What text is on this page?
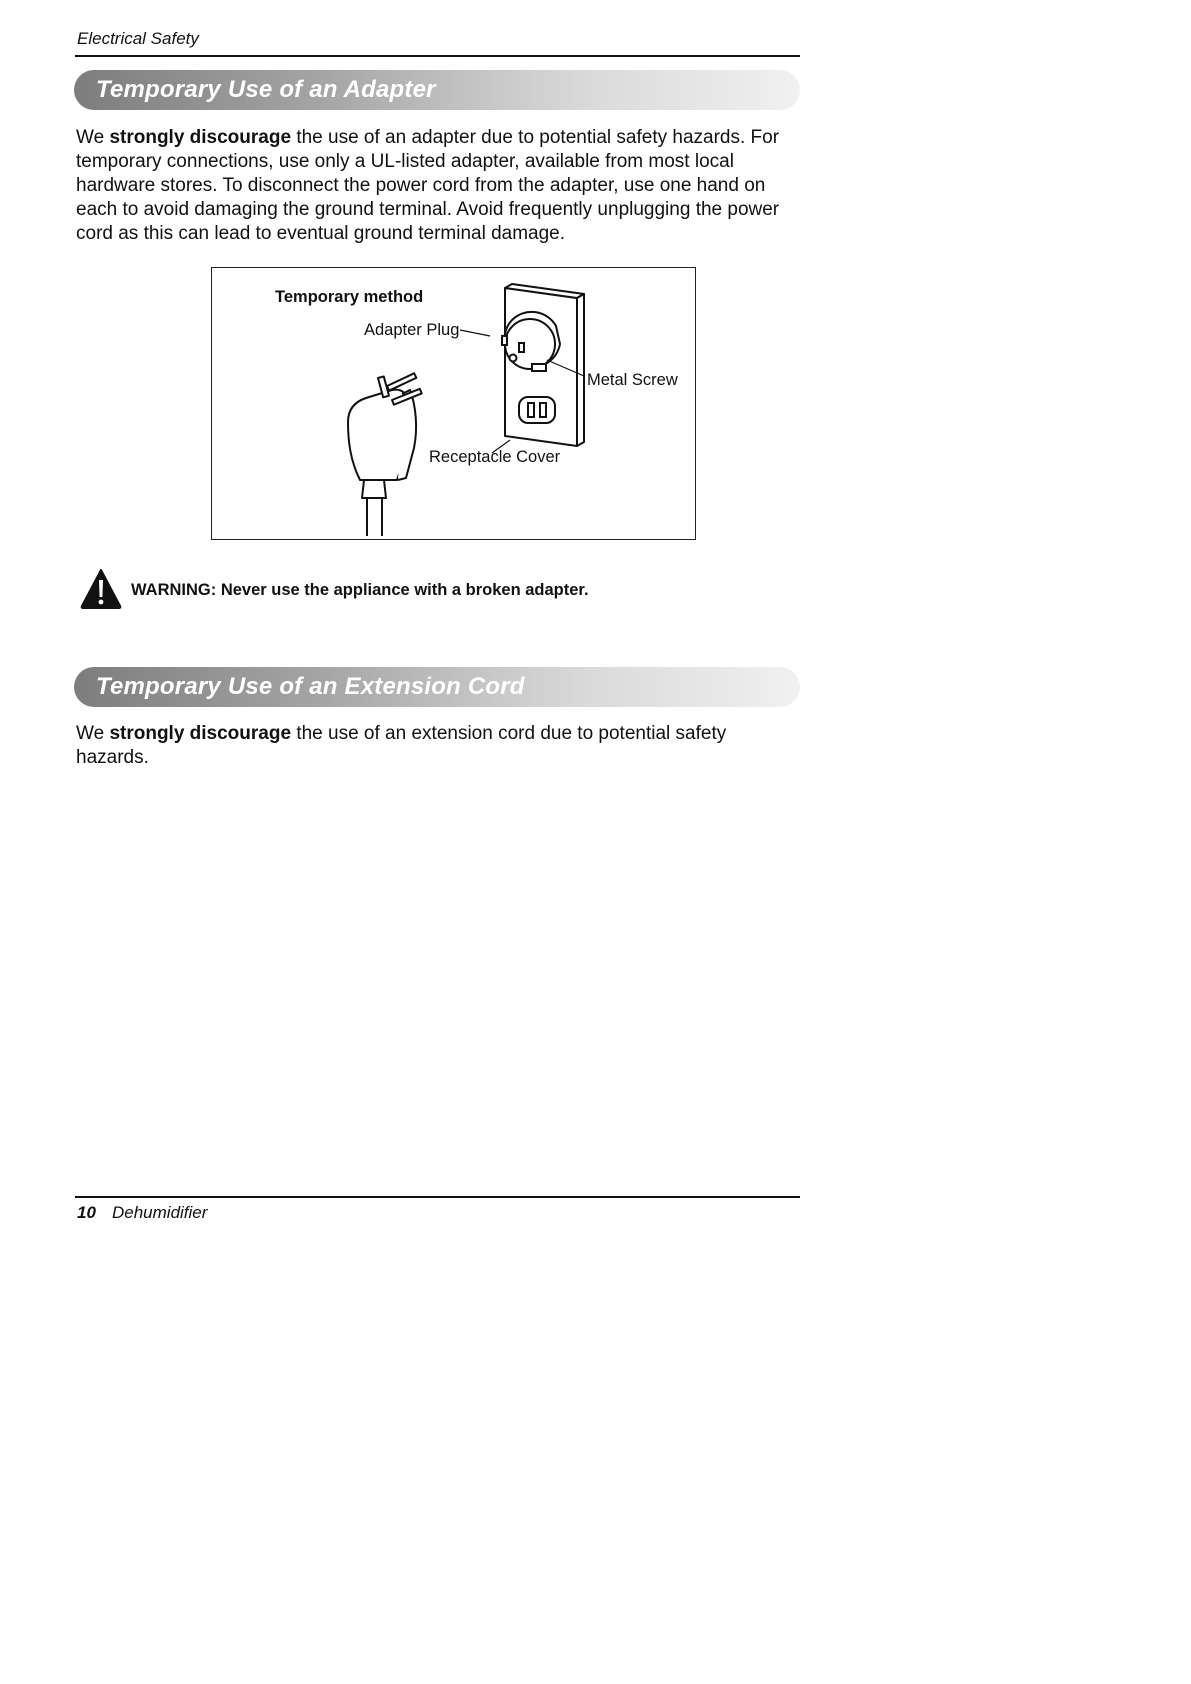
Electrical Safety
Temporary Use of an Adapter
We strongly discourage the use of an adapter due to potential safety hazards. For temporary connections, use only a UL-listed adapter, available from most local hardware stores. To disconnect the power cord from the adapter, use one hand on each to avoid damaging the ground terminal. Avoid frequently unplugging the power cord as this can lead to eventual ground terminal damage.
Temporary method
Adapter Plug
Metal Screw
Receptacle Cover
WARNING: Never use the appliance with a broken adapter.
Temporary Use of an Extension Cord
We strongly discourage the use of an extension cord due to potential safety hazards.
10 Dehumidifier
